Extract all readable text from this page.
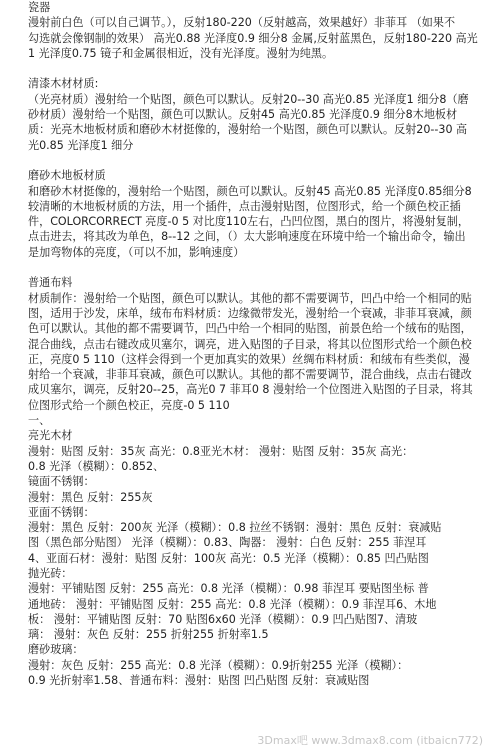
瓷器
漫射前白色（可以自己调节。），反射180-220（反射越高，效果越好）非菲耳 （如果不
勾选就会像钢制的效果） 高光0.88 光泽度0.9 细分8 金属,反射蓝黑色，反射180-220 高光
1 光泽度0.75 镜子和金属很相近，没有光泽度。漫射为纯黑。
清漆木材材质:
（光亮材质）漫射给一个贴图，颜色可以默认。反射20--30 高光0.85 光泽度1 细分8（磨
砂材质）漫射给一个贴图，颜色可以默认。反射45 高光0.85 光泽度0.9 细分8木地板材
质：光亮木地板材质和磨砂木材挺像的，漫射给一个贴图，颜色可以默认。反射20--30 高
光0.85 光泽度1 细分
磨砂木地板材质
和磨砂木材挺像的，漫射给一个贴图，颜色可以默认。反射45 高光0.85 光泽度0.85细分8
较清晰的木地板材质的方法，用一个插件，点击漫射贴图，位图形式，给一个颜色校正插
件，COLORCORRECT 亮度-0 5 对比度110左右，凸凹位图，黑白的图片，将漫射复制，
点击进去，将其改为单色，8--12 之间，（）太大影响速度在环境中给一个输出命令，输出
是加弯物体的亮度，（可以不加，影响速度）
普通布料
材质制作：漫射给一个贴图，颜色可以默认。其他的都不需要调节，凹凸中给一个相同的贴
图，适用于沙发，床单，绒布布料材质：边缘微带发光，漫射给一个衰减，非菲耳衰减，颜
色可以默认。其他的都不需要调节，凹凸中给一个相同的贴图，前景色给一个绒布的贴图，
混合曲线，点击右键改成贝塞尔，调亮，进入贴图的子目录，将其以位图形式给一个颜色校
正，亮度0 5 110（这样会得到一个更加真实的效果）丝绸布料材质：和绒布有些类似，漫
射给一个衰减，非菲耳衰减，颜色可以默认。其他的都不需要调节，混合曲线，点击右键改
成贝塞尔，调亮，反射20--25，高光0 7 菲耳0 8 漫射给一个位图进入贴图的子目录，将其
位图形式给一个颜色校正，亮度-0 5 110
一、
亮光木材
漫射：贴图 反射：35灰 高光：0.8亚光木材： 漫射：贴图 反射：35灰 高光：
0.8 光泽（模糊）：0.852、
镜面不锈钢：
漫射：黑色 反射：255灰
亚面不锈钢：
漫射：黑色 反射：200灰 光泽（模糊）：0.8 拉丝不锈钢：漫射：黑色 反射：衰减贴
图（黑色部分贴图） 光泽（模糊）：0.83、陶器： 漫射：白色 反射：255 菲涅耳
4、亚面石材：漫射：贴图 反射：100灰 高光：0.5 光泽（模糊）：0.85 凹凸贴图
抛光砖：
漫射：平铺贴图 反射：255 高光：0.8 光泽（模糊）：0.98 菲涅耳 要贴图坐标 普
通地砖： 漫射：平铺贴图 反射：255 高光：0.8 光泽（模糊）：0.9 菲涅耳6、木地
板： 漫射：平铺贴图 反射：70 贴图6x60 光泽（模糊）：0.9 凹凸贴图7、清玻
璃： 漫射：灰色 反射：255 折射255 折射率1.5
磨砂玻璃：
漫射：灰色 反射：255 高光：0.8 光泽（模糊）：0.9折射255 光泽（模糊）：
0.9 光折射率1.58、普通布料：漫射：贴图 凹凸贴图 反射：衰减贴图
3Dmax吧 www.3dmax8.com (itbaicn772)
